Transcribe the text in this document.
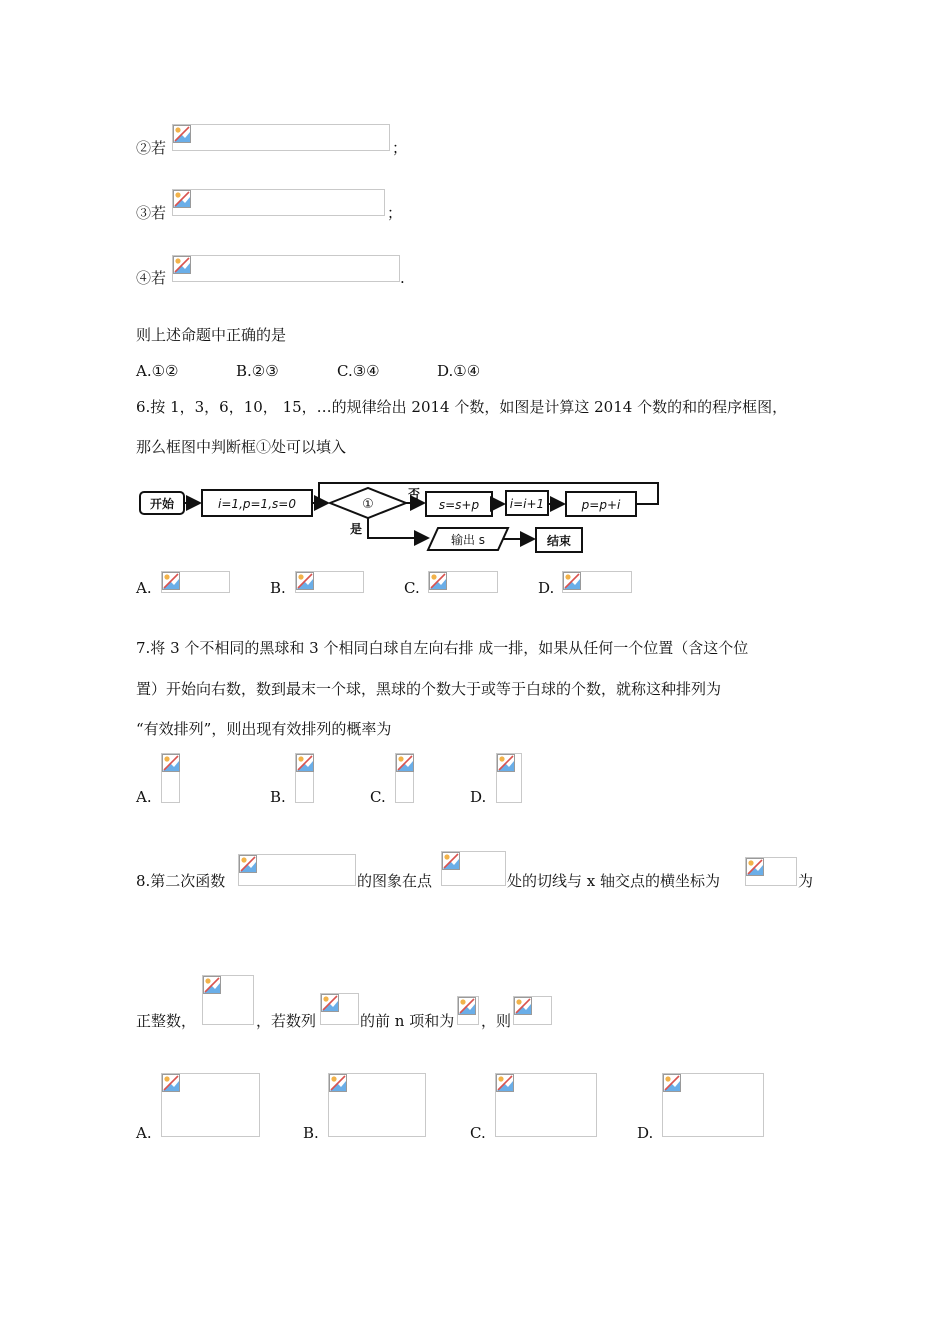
②若	；
③若	；
④若	.
则上述命题中正确的是
A.①②	B.②③	C.③④	D.①④
6.按 1，3，6，10， 15，…的规律给出 2014 个数，如图是计算这 2014 个数的和的程序框图，
那么框图中判断框①处可以填入
开始	i=1,p=1,s=0	①
否
是
s=s+p	i=i+1	p=p+i
输出 s	结束
A.	B.	C.	D.
7.将 3 个不相同的黑球和 3 个相同白球自左向右排 成一排，如果从任何一个位置（含这个位
置）开始向右数，数到最末一个球，黑球的个数大于或等于白球的个数，就称这种排列为
“有效排列”，则出现有效排列的概率为
A.	B.	C.	D.
8.第二次函数	的图象在点	处的切线与 x 轴交点的横坐标为	为
正整数，	，若数列	的前 n 项和为 ，则
A.	B.	C.	D.
